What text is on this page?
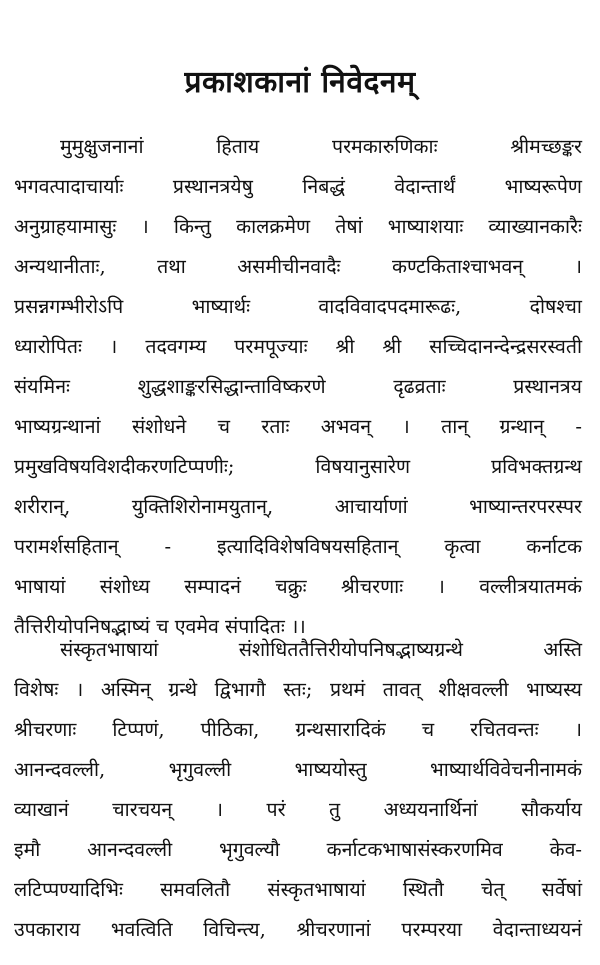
प्रकाशकानां निवेदनम्
मुमुक्षुजनानां हिताय परमकारुणिकाः श्रीमच्छङ्कर
भगवत्पादाचार्याः प्रस्थानत्रयेषु निबद्धं वेदान्तार्थं भाष्यरूपेण
अनुग्राहयामासुः । किन्तु कालक्रमेण तेषां भाष्याशयाः व्याख्यानकारैः
अन्यथानीताः, तथा असमीचीनवादैः कण्टकिताश्चाभवन् ।
प्रसन्नगम्भीरोऽपि भाष्यार्थः वादविवादपदमारूढः, दोषश्चा
ध्यारोपितः । तदवगम्य परमपूज्याः श्री श्री सच्चिदानन्देन्द्रसरस्वती
संयमिनः शुद्धशाङ्करसिद्धान्ताविष्करणे दृढव्रताः प्रस्थानत्रय
भाष्यग्रन्थानां संशोधने च रताः अभवन् । तान् ग्रन्थान् -
प्रमुखविषयविशदीकरणटिप्पणीः; विषयानुसारेण प्रविभक्तग्रन्थ
शरीरान्, युक्तिशिरोनामयुतान्, आचार्याणां भाष्यान्तरपरस्पर
परामर्शसहितान् - इत्यादिविशेषविषयसहितान् कृत्वा कर्नाटक
भाषायां संशोध्य सम्पादनं चक्रुः श्रीचरणाः । वल्लीत्रयातमकं
तैत्तिरीयोपनिषद्भाष्यं च एवमेव संपादितः ।।
संस्कृतभाषायां संशोधिततैत्तिरीयोपनिषद्भाष्यग्रन्थे अस्ति
विशेषः । अस्मिन् ग्रन्थे द्विभागौ स्तः; प्रथमं तावत् शीक्षवल्ली भाष्यस्य
श्रीचरणाः टिप्पणं, पीठिका, ग्रन्थसारादिकं च रचितवन्तः ।
आनन्दवल्ली, भृगुवल्ली भाष्ययोस्तु भाष्यार्थविवेचनीनामकं
व्याखानं चारचयन् । परं तु अध्ययनार्थिनां सौकर्याय
इमौ आनन्दवल्ली भृगुवल्यौ कर्नाटकभाषासंस्करणमिव केव-
लटिप्पण्यादिभिः समवलितौ संस्कृतभाषायां स्थितौ चेत् सर्वेषां
उपकाराय भवत्विति विचिन्त्य, श्रीचरणानां परम्परया वेदान्ताध्ययनं
